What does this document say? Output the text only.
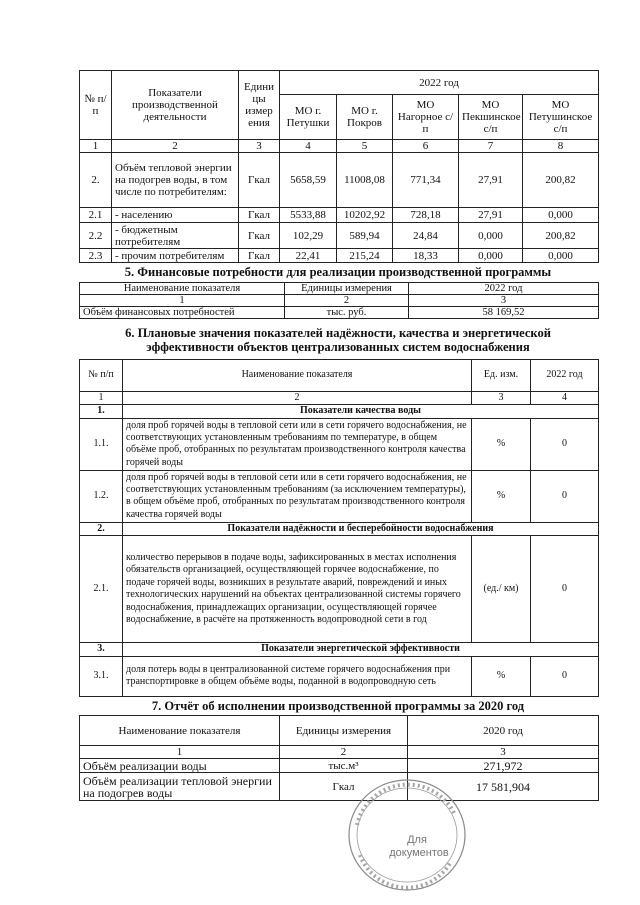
№ п/п	Показатели производственной деятельности	Едини цы измер ения	2022 год				
			МО г. Петушки	МО г. Покров	МО Нагорное с/п	МО Пекшинское с/п	МО Петушинское с/п
1	2	3	4	5	6	7	8
2.	Объём тепловой энергии на подогрев воды, в том числе по потребителям:	Гкал	5658,59	11008,08	771,34	27,91	200,82
2.1	- населению	Гкал	5533,88	10202,92	728,18	27,91	0,000
2.2	- бюджетным потребителям	Гкал	102,29	589,94	24,84	0,000	200,82
2.3	- прочим потребителям	Гкал	22,41	215,24	18,33	0,000	0,000
5. Финансовые потребности для реализации производственной программы
Наименование показателя	Единицы измерения	2022 год
1	2	3
Объём финансовых потребностей	тыс. руб.	58 169,52
6. Плановые значения показателей надёжности, качества и энергетической
эффективности объектов централизованных систем водоснабжения
№ п/п	Наименование показателя	Ед. изм.	2022 год
1	2	3	4
1.	Показатели качества воды		
1.1.	доля проб горячей воды в тепловой сети или в сети горячего водоснабжения, не соответствующих установленным требованиям по температуре, в общем объёме проб, отобранных по результатам производственного контроля качества горячей воды	%	0
1.2.	доля проб горячей воды в тепловой сети или в сети горячего водоснабжения, не соответствующих установленным требованиям (за исключением температуры), в общем объёме проб, отобранных по результатам производственного контроля качества горячей воды	%	0
2.	Показатели надёжности и бесперебойности водоснабжения		
2.1.	количество перерывов в подаче воды, зафиксированных в местах исполнения обязательств организацией, осуществляющей горячее водоснабжение, по подаче горячей воды, возникших в результате аварий, повреждений и иных технологических нарушений на объектах централизованной системы горячего водоснабжения, принадлежащих организации, осуществляющей горячее водоснабжение, в расчёте на протяженность водопроводной сети в год	(ед./ км)	0
3.	Показатели энергетической эффективности		
3.1.	доля потерь воды в централизованной системе горячего водоснабжения при транспортировке в общем объёме воды, поданной в водопроводную сеть	%	0
7. Отчёт об исполнении производственной программы за 2020 год
Наименование показателя	Единицы измерения	2020 год
1	2	3
Объём реализации воды	тыс.м³	271,972
Объём реализации тепловой энергии на подогрев воды	Гкал	17 581,904
Для
документов
